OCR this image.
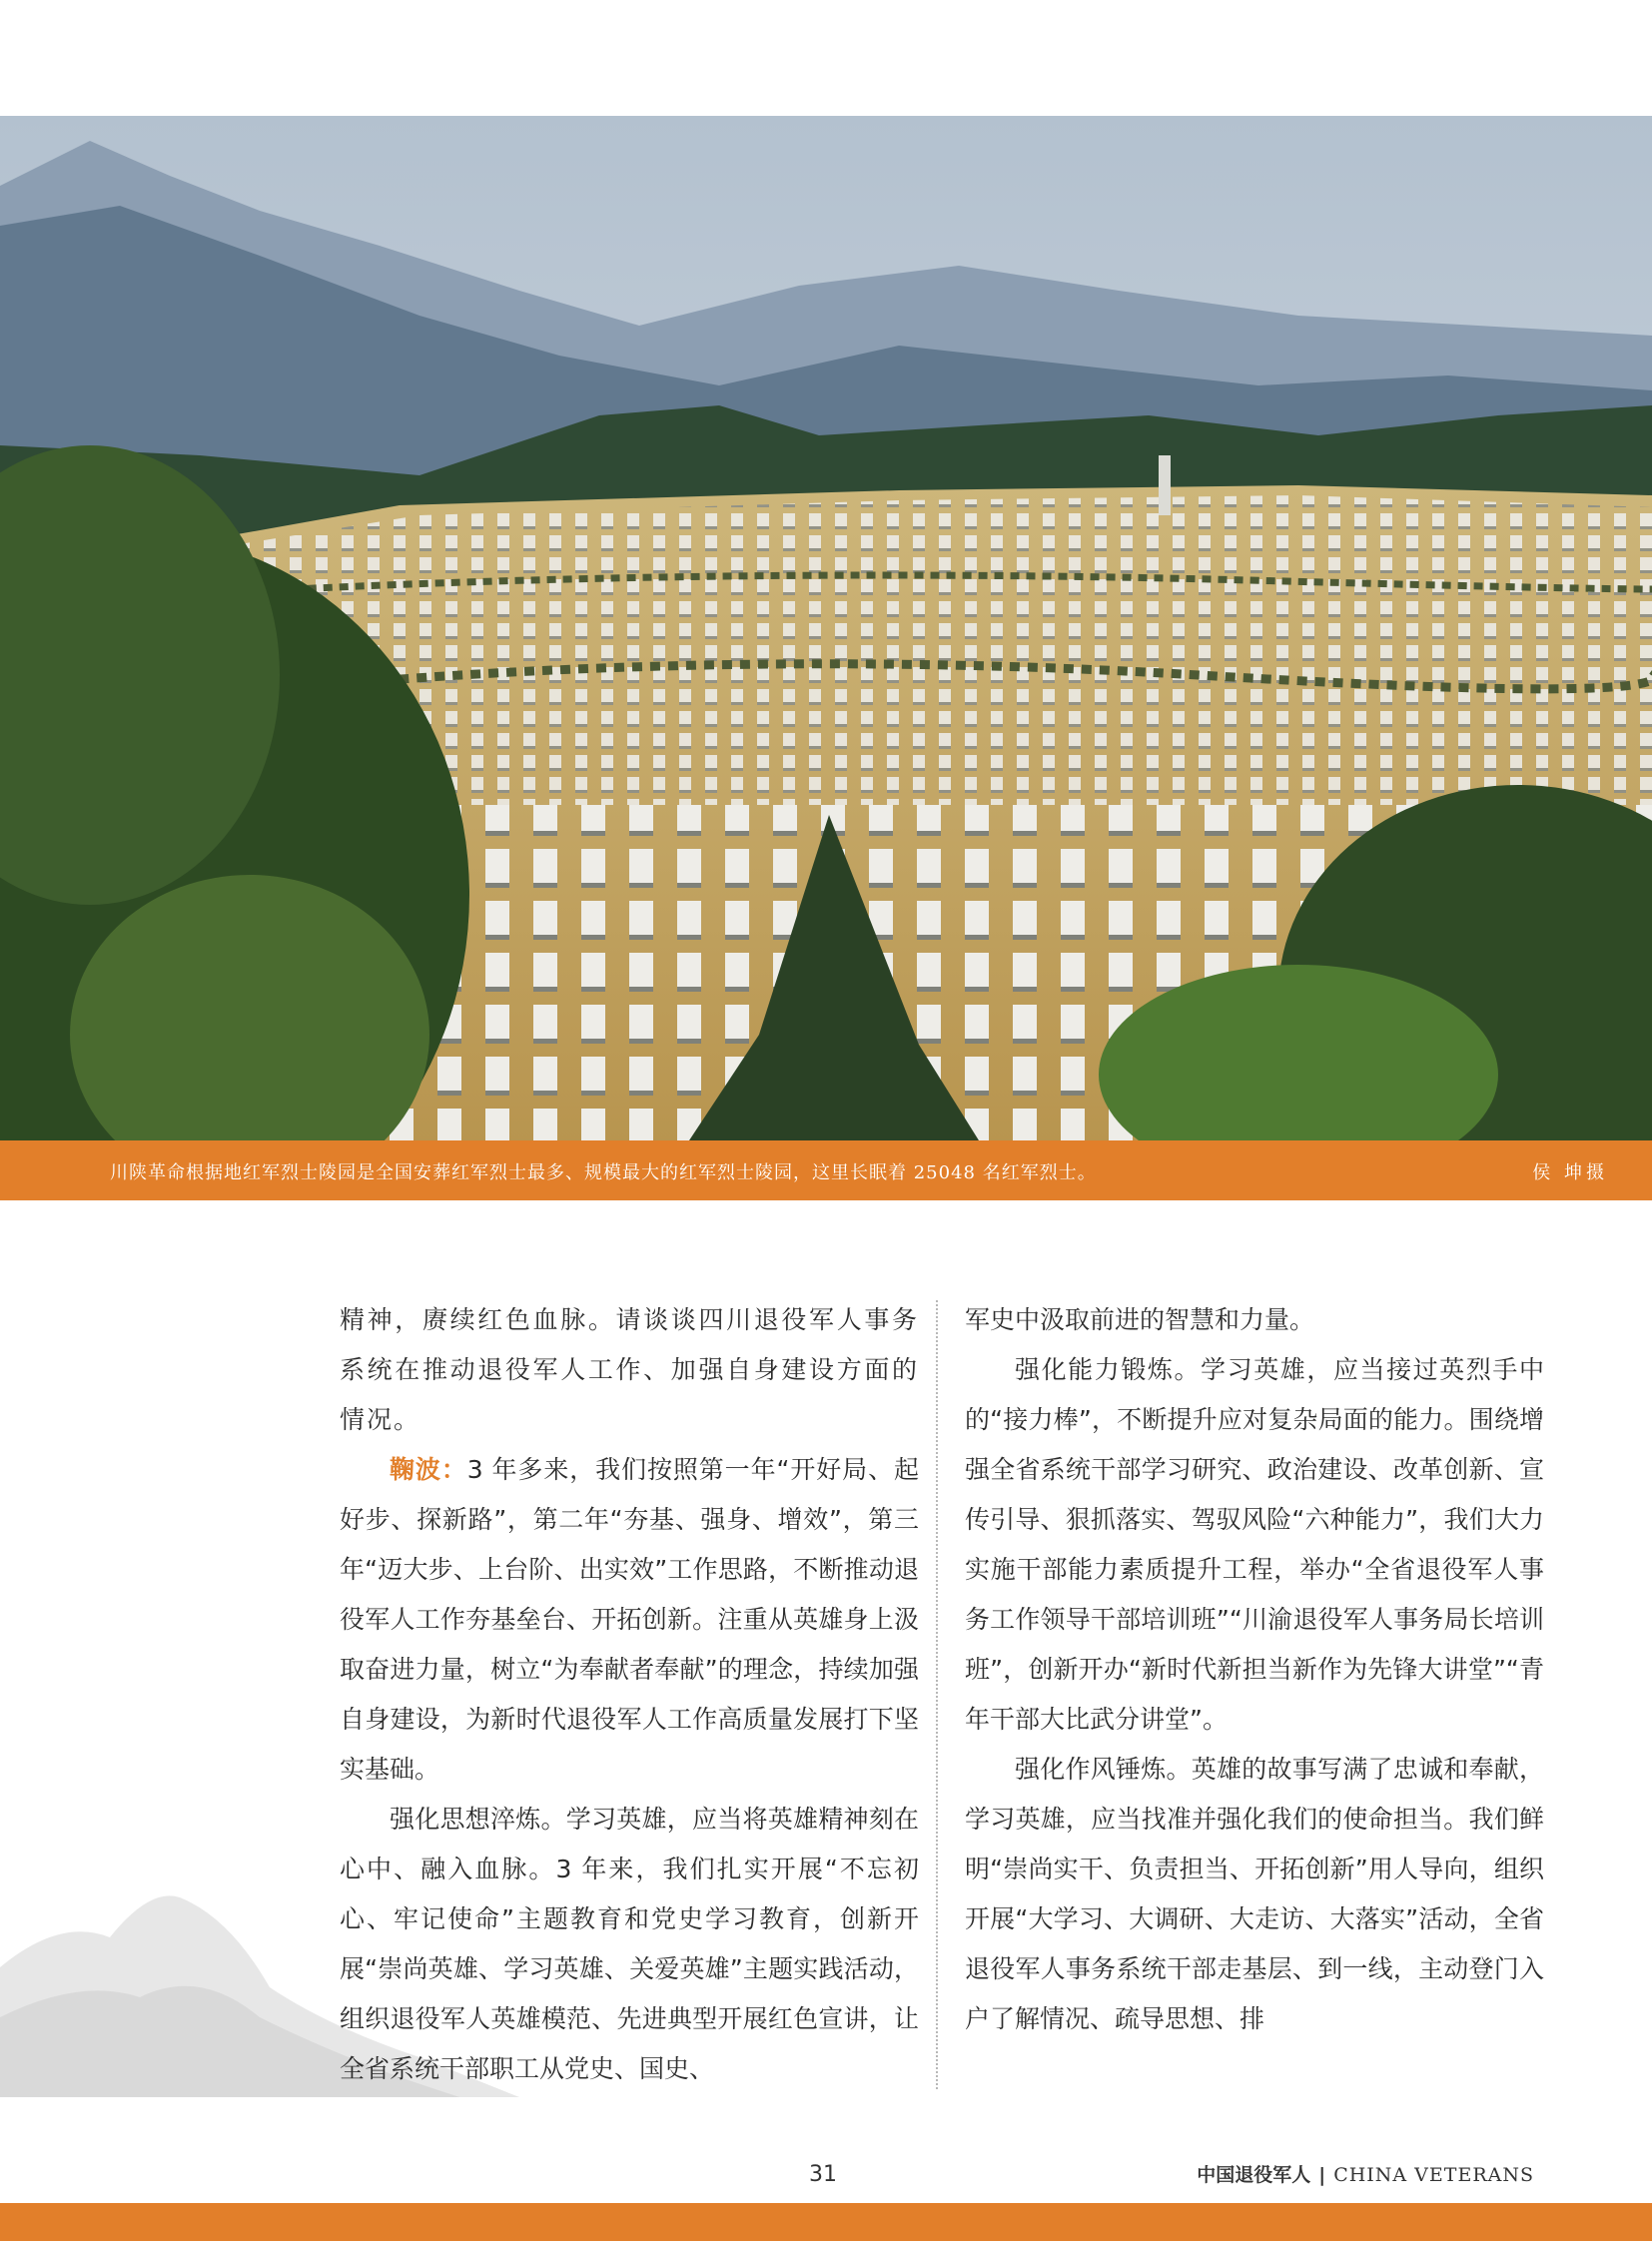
川陕革命根据地红军烈士陵园是全国安葬红军烈士最多、规模最大的红军烈士陵园，这里长眠着 25048 名红军烈士。	侯 坤摄

精神，赓续红色血脉。请谈谈四川退役军人事务系统在推动退役军人工作、加强自身建设方面的情况。

鞠波：3 年多来，我们按照第一年“开好局、起好步、探新路”，第二年“夯基、强身、增效”，第三年“迈大步、上台阶、出实效”工作思路，不断推动退役军人工作夯基垒台、开拓创新。注重从英雄身上汲取奋进力量，树立“为奉献者奉献”的理念，持续加强自身建设，为新时代退役军人工作高质量发展打下坚实基础。

强化思想淬炼。学习英雄，应当将英雄精神刻在心中、融入血脉。3 年来，我们扎实开展“不忘初心、牢记使命”主题教育和党史学习教育，创新开展“崇尚英雄、学习英雄、关爱英雄”主题实践活动，组织退役军人英雄模范、先进典型开展红色宣讲，让全省系统干部职工从党史、国史、

军史中汲取前进的智慧和力量。

强化能力锻炼。学习英雄，应当接过英烈手中的“接力棒”，不断提升应对复杂局面的能力。围绕增强全省系统干部学习研究、政治建设、改革创新、宣传引导、狠抓落实、驾驭风险“六种能力”，我们大力实施干部能力素质提升工程，举办“全省退役军人事务工作领导干部培训班”“川渝退役军人事务局长培训班”，创新开办“新时代新担当新作为先锋大讲堂”“青年干部大比武分讲堂”。

强化作风锤炼。英雄的故事写满了忠诚和奉献，学习英雄，应当找准并强化我们的使命担当。我们鲜明“崇尚实干、负责担当、开拓创新”用人导向，组织开展“大学习、大调研、大走访、大落实”活动，全省退役军人事务系统干部走基层、到一线，主动登门入户了解情况、疏导思想、排

31	中国退役军人 | CHINA VETERANS
